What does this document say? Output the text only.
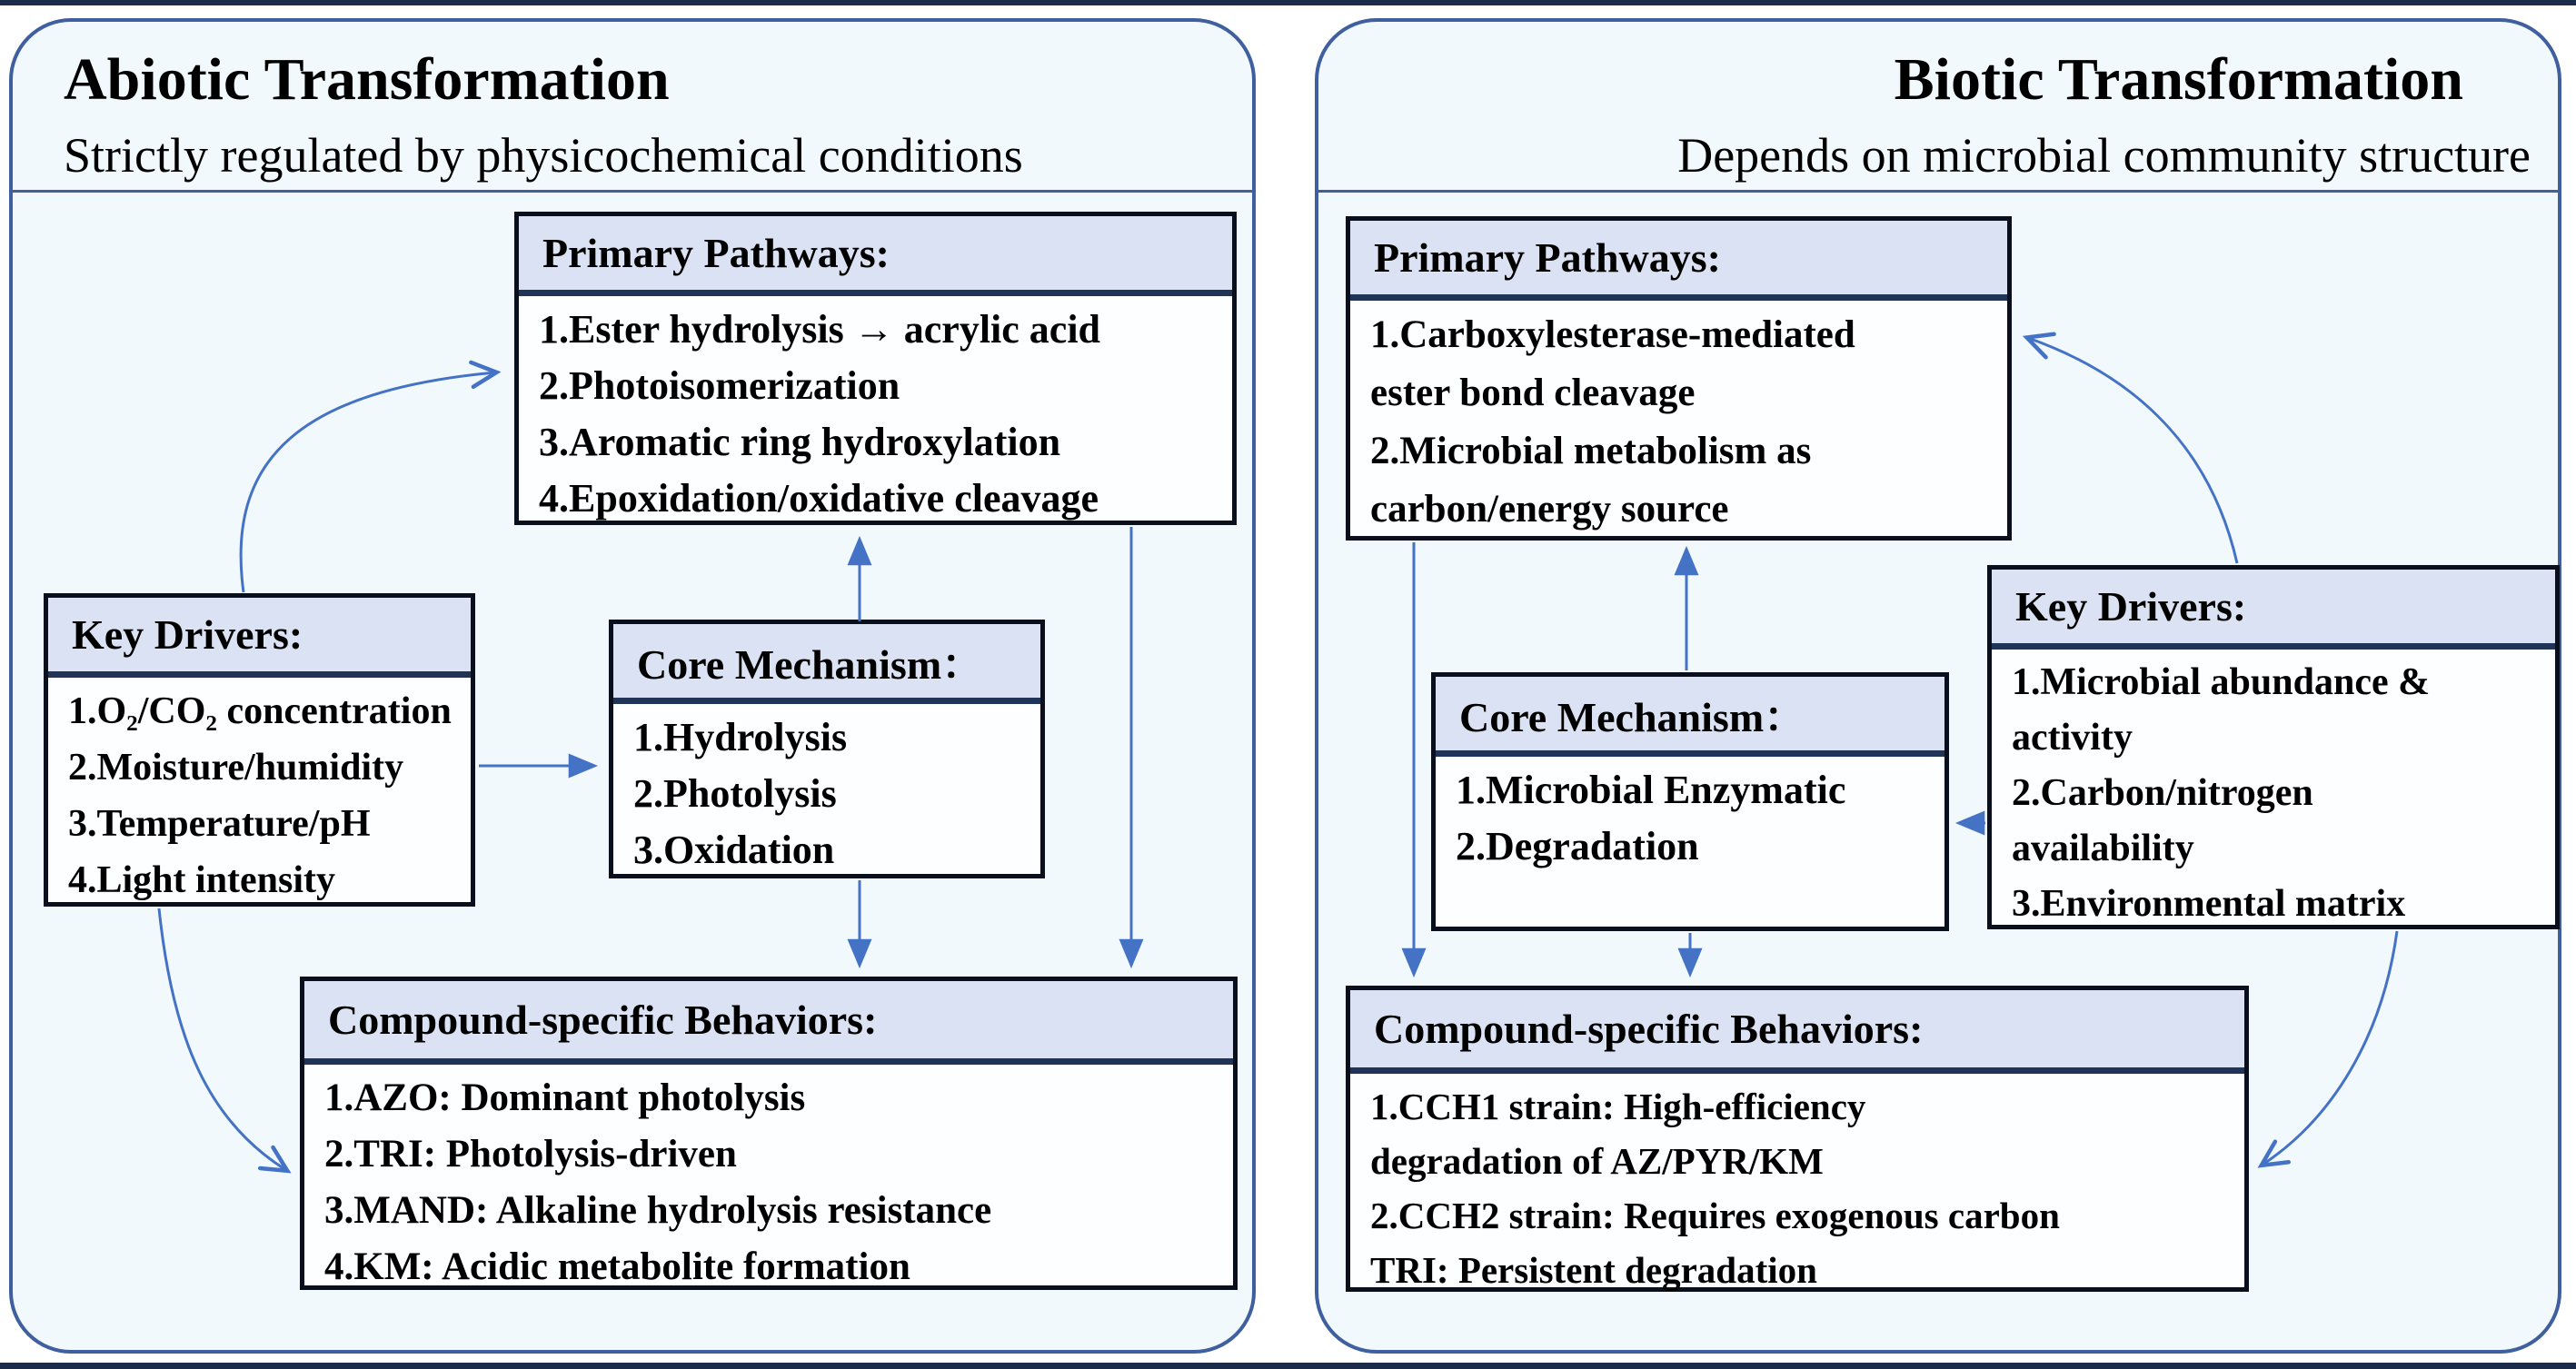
Abiotic Transformation
Strictly regulated by physicochemical conditions
Biotic Transformation
Depends on microbial community structure
Primary Pathways:
1.Ester hydrolysis → acrylic acid
2.Photoisomerization
3.Aromatic ring hydroxylation
4.Epoxidation/oxidative cleavage
Key Drivers:
1.O₂/CO₂ concentration
2.Moisture/humidity
3.Temperature/pH
4.Light intensity
Core Mechanism：
1.Hydrolysis
2.Photolysis
3.Oxidation
Compound-specific Behaviors:
1.AZO: Dominant photolysis
2.TRI: Photolysis-driven
3.MAND: Alkaline hydrolysis resistance
4.KM: Acidic metabolite formation
Primary Pathways:
1.Carboxylesterase-mediated
ester bond cleavage
2.Microbial metabolism as
carbon/energy source
Core Mechanism：
1.Microbial Enzymatic
2.Degradation
Key Drivers:
1.Microbial abundance &
activity
2.Carbon/nitrogen
availability
3.Environmental matrix
Compound-specific Behaviors:
1.CCH1 strain: High-efficiency
degradation of AZ/PYR/KM
2.CCH2 strain: Requires exogenous carbon
TRI: Persistent degradation
